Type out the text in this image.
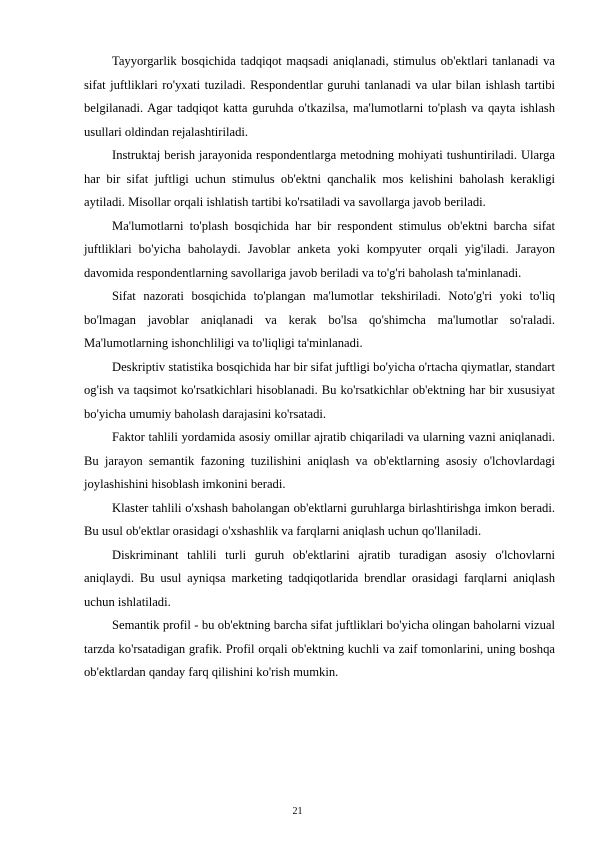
Tayyorgarlik bosqichida tadqiqot maqsadi aniqlanadi, stimulus ob'ektlari tanlanadi va sifat juftliklari ro'yxati tuziladi. Respondentlar guruhi tanlanadi va ular bilan ishlash tartibi belgilanadi. Agar tadqiqot katta guruhda o'tkazilsa, ma'lumotlarni to'plash va qayta ishlash usullari oldindan rejalashtiriladi.

Instruktaj berish jarayonida respondentlarga metodning mohiyati tushuntiriladi. Ularga har bir sifat juftligi uchun stimulus ob'ektni qanchalik mos kelishini baholash kerakligi aytiladi. Misollar orqali ishlatish tartibi ko'rsatiladi va savollarga javob beriladi.

Ma'lumotlarni to'plash bosqichida har bir respondent stimulus ob'ektni barcha sifat juftliklari bo'yicha baholaydi. Javoblar anketa yoki kompyuter orqali yig'iladi. Jarayon davomida respondentlarning savollariga javob beriladi va to'g'ri baholash ta'minlanadi.

Sifat nazorati bosqichida to'plangan ma'lumotlar tekshiriladi. Noto'g'ri yoki to'liq bo'lmagan javoblar aniqlanadi va kerak bo'lsa qo'shimcha ma'lumotlar so'raladi. Ma'lumotlarning ishonchliligi va to'liqligi ta'minlanadi.

Deskriptiv statistika bosqichida har bir sifat juftligi bo'yicha o'rtacha qiymatlar, standart og'ish va taqsimot ko'rsatkichlari hisoblanadi. Bu ko'rsatkichlar ob'ektning har bir xususiyat bo'yicha umumiy baholash darajasini ko'rsatadi.

Faktor tahlili yordamida asosiy omillar ajratib chiqariladi va ularning vazni aniqlanadi. Bu jarayon semantik fazoning tuzilishini aniqlash va ob'ektlarning asosiy o'lchovlardagi joylashishini hisoblash imkonini beradi.

Klaster tahlili o'xshash baholangan ob'ektlarni guruhlarga birlashtirishga imkon beradi. Bu usul ob'ektlar orasidagi o'xshashlik va farqlarni aniqlash uchun qo'llaniladi.

Diskriminant tahlili turli guruh ob'ektlarini ajratib turadigan asosiy o'lchovlarni aniqlaydi. Bu usul ayniqsa marketing tadqiqotlarida brendlar orasidagi farqlarni aniqlash uchun ishlatiladi.

Semantik profil - bu ob'ektning barcha sifat juftliklari bo'yicha olingan baholarni vizual tarzda ko'rsatadigan grafik. Profil orqali ob'ektning kuchli va zaif tomonlarini, uning boshqa ob'ektlardan qanday farq qilishini ko'rish mumkin.

21
